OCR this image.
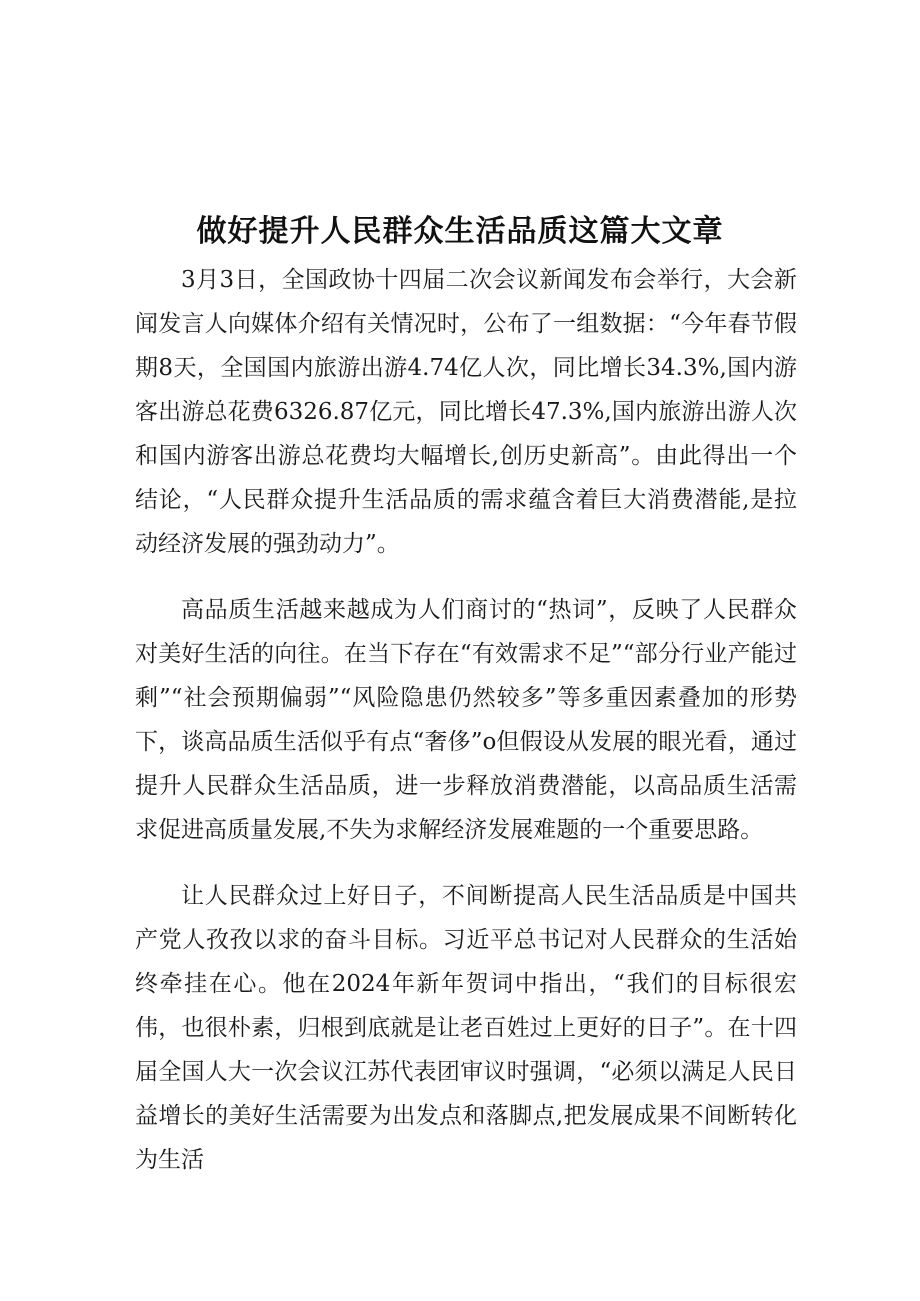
做好提升人民群众生活品质这篇大文章

3月3日，全国政协十四届二次会议新闻发布会举行，大会新闻发言人向媒体介绍有关情况时，公布了一组数据：“今年春节假期8天，全国国内旅游出游4.74亿人次，同比增长34.3%,国内游客出游总花费6326.87亿元，同比增长47.3%,国内旅游出游人次和国内游客出游总花费均大幅增长,创历史新高”。由此得出一个结论，“人民群众提升生活品质的需求蕴含着巨大消费潜能,是拉动经济发展的强劲动力”。

高品质生活越来越成为人们商讨的“热词”，反映了人民群众对美好生活的向往。在当下存在“有效需求不足”“部分行业产能过剩”“社会预期偏弱”“风险隐患仍然较多”等多重因素叠加的形势下，谈高品质生活似乎有点“奢侈”o但假设从发展的眼光看，通过提升人民群众生活品质，进一步释放消费潜能，以高品质生活需求促进高质量发展,不失为求解经济发展难题的一个重要思路。

让人民群众过上好日子，不间断提高人民生活品质是中国共产党人孜孜以求的奋斗目标。习近平总书记对人民群众的生活始终牵挂在心。他在2024年新年贺词中指出，“我们的目标很宏伟，也很朴素，归根到底就是让老百姓过上更好的日子”。在十四届全国人大一次会议江苏代表团审议时强调，“必须以满足人民日益增长的美好生活需要为出发点和落脚点,把发展成果不间断转化为生活
